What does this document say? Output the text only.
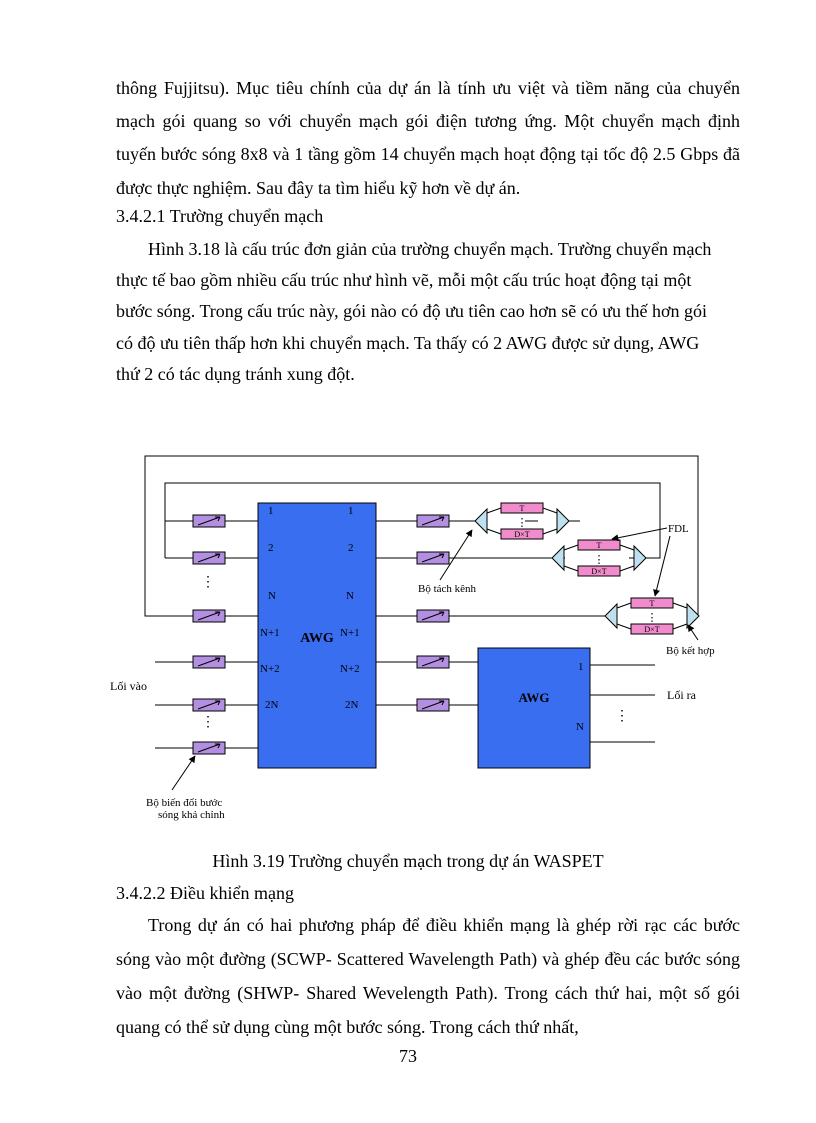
thông Fujjitsu). Mục tiêu chính của dự án là tính ưu việt và tiềm năng của chuyển mạch gói quang so với chuyển mạch gói điện tương ứng. Một chuyển mạch định tuyến bước sóng 8x8 và 1 tầng gồm 14 chuyển mạch hoạt động tại tốc độ 2.5 Gbps đã được thực nghiệm. Sau đây ta tìm hiểu kỹ hơn về dự án.

3.4.2.1 Trường chuyển mạch

Hình 3.18 là cấu trúc đơn giản của trường chuyển mạch. Trường chuyển mạch thực tế bao gồm nhiều cấu trúc như hình vẽ, mỗi một cấu trúc hoạt động tại một bước sóng. Trong cấu trúc này, gói nào có độ ưu tiên cao hơn sẽ có ưu thế hơn gói có độ ưu tiên thấp hơn khi chuyển mạch. Ta thấy có 2 AWG được sử dụng, AWG thứ 2 có tác dụng tránh xung đột.

AWG
1
2
N
N+1
N+2
2N
1
2
N
N+1
N+2
2N	AWG
1
N
⋮
⋮	⋮
T
D×T
⋮
T
D×T
⋮
T
D×T
⋮
Bộ tách kênh
FDL
Bộ kết hợp
Lối vào
Lối ra
Bộ biến đổi bước
sóng khả chỉnh
Hình 3.19 Trường chuyển mạch trong dự án WASPET

3.4.2.2 Điều khiển mạng

Trong dự án có hai phương pháp để điều khiển mạng là ghép rời rạc các bước sóng vào một đường (SCWP- Scattered Wavelength Path) và ghép đều các bước sóng vào một đường (SHWP- Shared Wevelength Path). Trong cách thứ hai, một số gói quang có thể sử dụng cùng một bước sóng. Trong cách thứ nhất,

73
